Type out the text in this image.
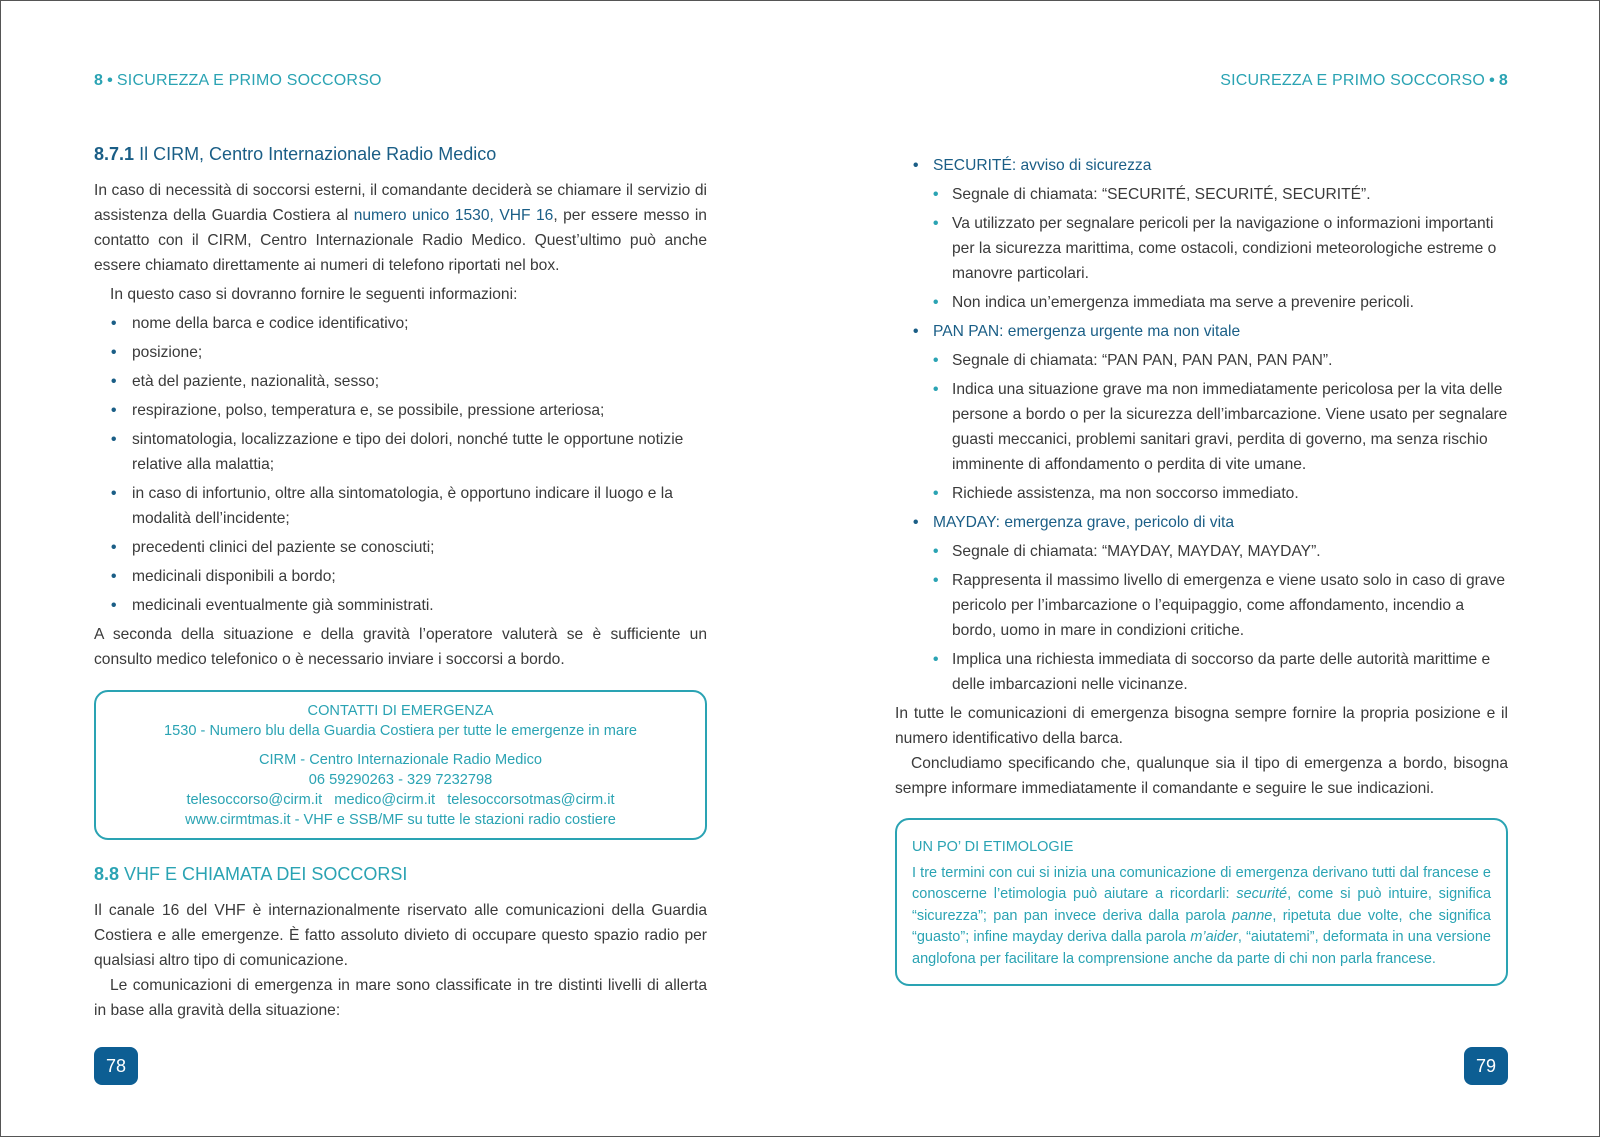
8 • SICUREZZA E PRIMO SOCCORSO
8.7.1 Il CIRM, Centro Internazionale Radio Medico

In caso di necessità di soccorsi esterni, il comandante deciderà se chiamare il servizio di assistenza della Guardia Costiera al numero unico 1530, VHF 16, per essere messo in contatto con il CIRM, Centro Internazionale Radio Medico. Quest’ultimo può anche essere chiamato direttamente ai numeri di telefono riportati nel box.

In questo caso si dovranno fornire le seguenti informazioni:

• nome della barca e codice identificativo;
• posizione;
• età del paziente, nazionalità, sesso;
• respirazione, polso, temperatura e, se possibile, pressione arteriosa;
• sintomatologia, localizzazione e tipo dei dolori, nonché tutte le opportune notizie relative alla malattia;
• in caso di infortunio, oltre alla sintomatologia, è opportuno indicare il luogo e la modalità dell’incidente;
• precedenti clinici del paziente se conosciuti;
• medicinali disponibili a bordo;
• medicinali eventualmente già somministrati.

A seconda della situazione e della gravità l’operatore valuterà se è sufficiente un consulto medico telefonico o è necessario inviare i soccorsi a bordo.

CONTATTI DI EMERGENZA
1530 - Numero blu della Guardia Costiera per tutte le emergenze in mare
CIRM - Centro Internazionale Radio Medico
06 59290263 - 329 7232798
telesoccorso@cirm.it   medico@cirm.it   telesoccorsotmas@cirm.it
www.cirmtmas.it - VHF e SSB/MF su tutte le stazioni radio costiere
8.8 VHF E CHIAMATA DEI SOCCORSI

Il canale 16 del VHF è internazionalmente riservato alle comunicazioni della Guardia Costiera e alle emergenze. È fatto assoluto divieto di occupare questo spazio radio per qualsiasi altro tipo di comunicazione.

Le comunicazioni di emergenza in mare sono classificate in tre distinti livelli di allerta in base alla gravità della situazione:

78
SICUREZZA E PRIMO SOCCORSO • 8
• SECURITÉ: avviso di sicurezza
• Segnale di chiamata: “SECURITÉ, SECURITÉ, SECURITÉ”.
• Va utilizzato per segnalare pericoli per la navigazione o informazioni importanti per la sicurezza marittima, come ostacoli, condizioni meteorologiche estreme o manovre particolari.
• Non indica un’emergenza immediata ma serve a prevenire pericoli.
• PAN PAN: emergenza urgente ma non vitale
• Segnale di chiamata: “PAN PAN, PAN PAN, PAN PAN”.
• Indica una situazione grave ma non immediatamente pericolosa per la vita delle persone a bordo o per la sicurezza dell’imbarcazione. Viene usato per segnalare guasti meccanici, problemi sanitari gravi, perdita di governo, ma senza rischio imminente di affondamento o perdita di vite umane.
• Richiede assistenza, ma non soccorso immediato.
• MAYDAY: emergenza grave, pericolo di vita
• Segnale di chiamata: “MAYDAY, MAYDAY, MAYDAY”.
• Rappresenta il massimo livello di emergenza e viene usato solo in caso di grave pericolo per l’imbarcazione o l’equipaggio, come affondamento, incendio a bordo, uomo in mare in condizioni critiche.
• Implica una richiesta immediata di soccorso da parte delle autorità marittime e delle imbarcazioni nelle vicinanze.

In tutte le comunicazioni di emergenza bisogna sempre fornire la propria posizione e il numero identificativo della barca.

Concludiamo specificando che, qualunque sia il tipo di emergenza a bordo, bisogna sempre informare immediatamente il comandante e seguire le sue indicazioni.

UN PO’ DI ETIMOLOGIE

I tre termini con cui si inizia una comunicazione di emergenza derivano tutti dal francese e conoscerne l’etimologia può aiutare a ricordarli: securité, come si può intuire, significa “sicurezza”; pan pan invece deriva dalla parola panne, ripetuta due volte, che significa “guasto”; infine mayday deriva dalla parola m’aider, “aiutatemi”, deformata in una versione anglofona per facilitare la comprensione anche da parte di chi non parla francese.

79
